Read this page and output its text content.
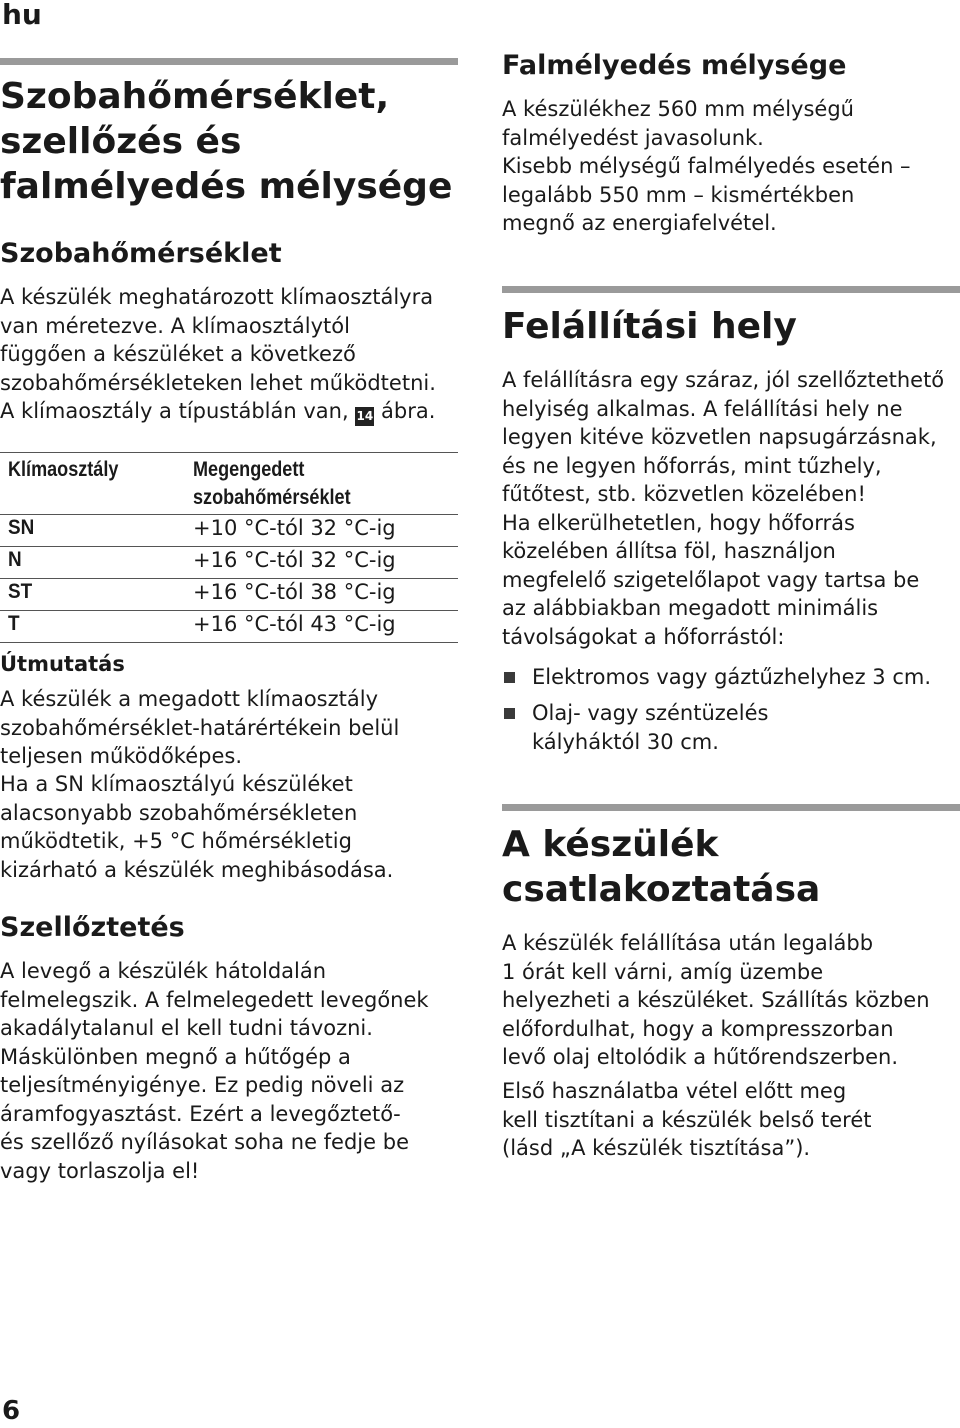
hu
Szobahőmérséklet,
szellőzés és
falmélyedés mélysége
Szobahőmérséklet

A készülék meghatározott klímaosztályra
van méretezve. A klímaosztálytól
függően a készüléket a következő
szobahőmérsékleteken lehet működtetni.

A klímaosztály a típustáblán van, 14 ábra.

Klímaosztály	Megengedett
szobahőmérséklet
SN	+10 °C-tól 32 °C-ig
N	+16 °C-tól 32 °C-ig
ST	+16 °C-tól 38 °C-ig
T	+16 °C-tól 43 °C-ig
Útmutatás

A készülék a megadott klímaosztály
szobahőmérséklet-határértékein belül
teljesen működőképes.

Ha a SN klímaosztályú készüléket
alacsonyabb szobahőmérsékleten
működtetik, +5 °C hőmérsékletig
kizárható a készülék meghibásodása.

Szellőztetés

A levegő a készülék hátoldalán
felmelegszik. A felmelegedett levegőnek
akadálytalanul el kell tudni távozni.
Máskülönben megnő a hűtőgép a
teljesítményigénye. Ez pedig növeli az
áramfogyasztást. Ezért a levegőztető-
és szellőző nyílásokat soha ne fedje be
vagy torlaszolja el!

Falmélyedés mélysége

A készülékhez 560 mm mélységű
falmélyedést javasolunk.
Kisebb mélységű falmélyedés esetén –
legalább 550 mm – kismértékben
megnő az energiafelvétel.

Felállítási hely

A felállításra egy száraz, jól szellőztethető
helyiség alkalmas. A felállítási hely ne
legyen kitéve közvetlen napsugárzásnak,
és ne legyen hőforrás, mint tűzhely,
fűtőtest, stb. közvetlen közelében!
Ha elkerülhetetlen, hogy hőforrás
közelében állítsa föl, használjon
megfelelő szigetelőlapot vagy tartsa be
az alábbiakban megadott minimális
távolságokat a hőforrástól:

Elektromos vagy gáztűzhelyhez 3 cm.

Olaj- vagy széntüzelés
kályháktól 30 cm.

A készülék
csatlakoztatása

A készülék felállítása után legalább
1 órát kell várni, amíg üzembe
helyezheti a készüléket. Szállítás közben
előfordulhat, hogy a kompresszorban
levő olaj eltolódik a hűtőrendszerben.

Első használatba vétel előtt meg
kell tisztítani a készülék belső terét
(lásd „A készülék tisztítása”).

6
